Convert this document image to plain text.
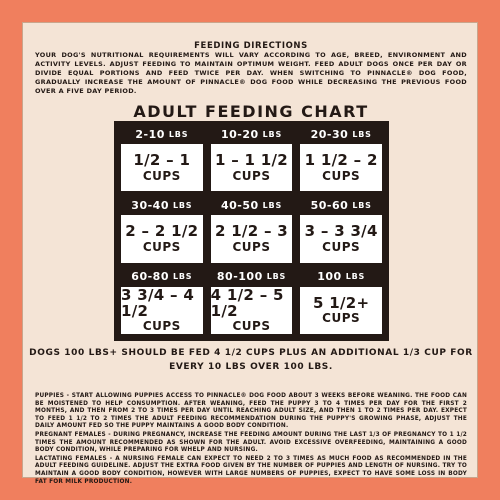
FEEDING DIRECTIONS
YOUR DOG'S NUTRITIONAL REQUIREMENTS WILL VARY ACCORDING TO AGE, BREED, ENVIRONMENT AND ACTIVITY LEVELS. ADJUST FEEDING TO MAINTAIN OPTIMUM WEIGHT. FEED ADULT DOGS ONCE PER DAY OR DIVIDE EQUAL PORTIONS AND FEED TWICE PER DAY. WHEN SWITCHING TO PINNACLE® DOG FOOD, GRADUALLY INCREASE THE AMOUNT OF PINNACLE® DOG FOOD WHILE DECREASING THE PREVIOUS FOOD OVER A FIVE DAY PERIOD.
ADULT FEEDING CHART
2-10 LBS
1/2 – 1
CUPS
10-20 LBS
1 – 1 1/2
CUPS
20-30 LBS
1 1/2 – 2
CUPS
30-40 LBS
2 – 2 1/2
CUPS
40-50 LBS
2 1/2 – 3
CUPS
50-60 LBS
3 – 3 3/4
CUPS
60-80 LBS
3 3/4 – 4 1/2
CUPS
80-100 LBS
4 1/2 – 5 1/2
CUPS
100 LBS
5 1/2+
CUPS
DOGS 100 LBS+ SHOULD BE FED 4 1/2 CUPS PLUS AN ADDITIONAL 1/3 CUP FOR EVERY 10 LBS OVER 100 LBS.

PUPPIES - START ALLOWING PUPPIES ACCESS TO PINNACLE® DOG FOOD ABOUT 3 WEEKS BEFORE WEANING. THE FOOD CAN BE MOISTENED TO HELP CONSUMPTION. AFTER WEANING, FEED THE PUPPY 3 TO 4 TIMES PER DAY FOR THE FIRST 2 MONTHS, AND THEN FROM 2 TO 3 TIMES PER DAY UNTIL REACHING ADULT SIZE, AND THEN 1 TO 2 TIMES PER DAY. EXPECT TO FEED 1 1/2 TO 2 TIMES THE ADULT FEEDING RECOMMENDATION DURING THE PUPPY'S GROWING PHASE, ADJUST THE DAILY AMOUNT FED SO THE PUPPY MAINTAINS A GOOD BODY CONDITION.

PREGNANT FEMALES - DURING PREGNANCY, INCREASE THE FEEDING AMOUNT DURING THE LAST 1/3 OF PREGNANCY TO 1 1/2 TIMES THE AMOUNT RECOMMENDED AS SHOWN FOR THE ADULT. AVOID EXCESSIVE OVERFEEDING, MAINTAINING A GOOD BODY CONDITION, WHILE PREPARING FOR WHELP AND NURSING.

LACTATING FEMALES - A NURSING FEMALE CAN EXPECT TO NEED 2 TO 3 TIMES AS MUCH FOOD AS RECOMMENDED IN THE ADULT FEEDING GUIDELINE. ADJUST THE EXTRA FOOD GIVEN BY THE NUMBER OF PUPPIES AND LENGTH OF NURSING. TRY TO MAINTAIN A GOOD BODY CONDITION, HOWEVER WITH LARGE NUMBERS OF PUPPIES, EXPECT TO HAVE SOME LOSS IN BODY FAT FOR MILK PRODUCTION.
